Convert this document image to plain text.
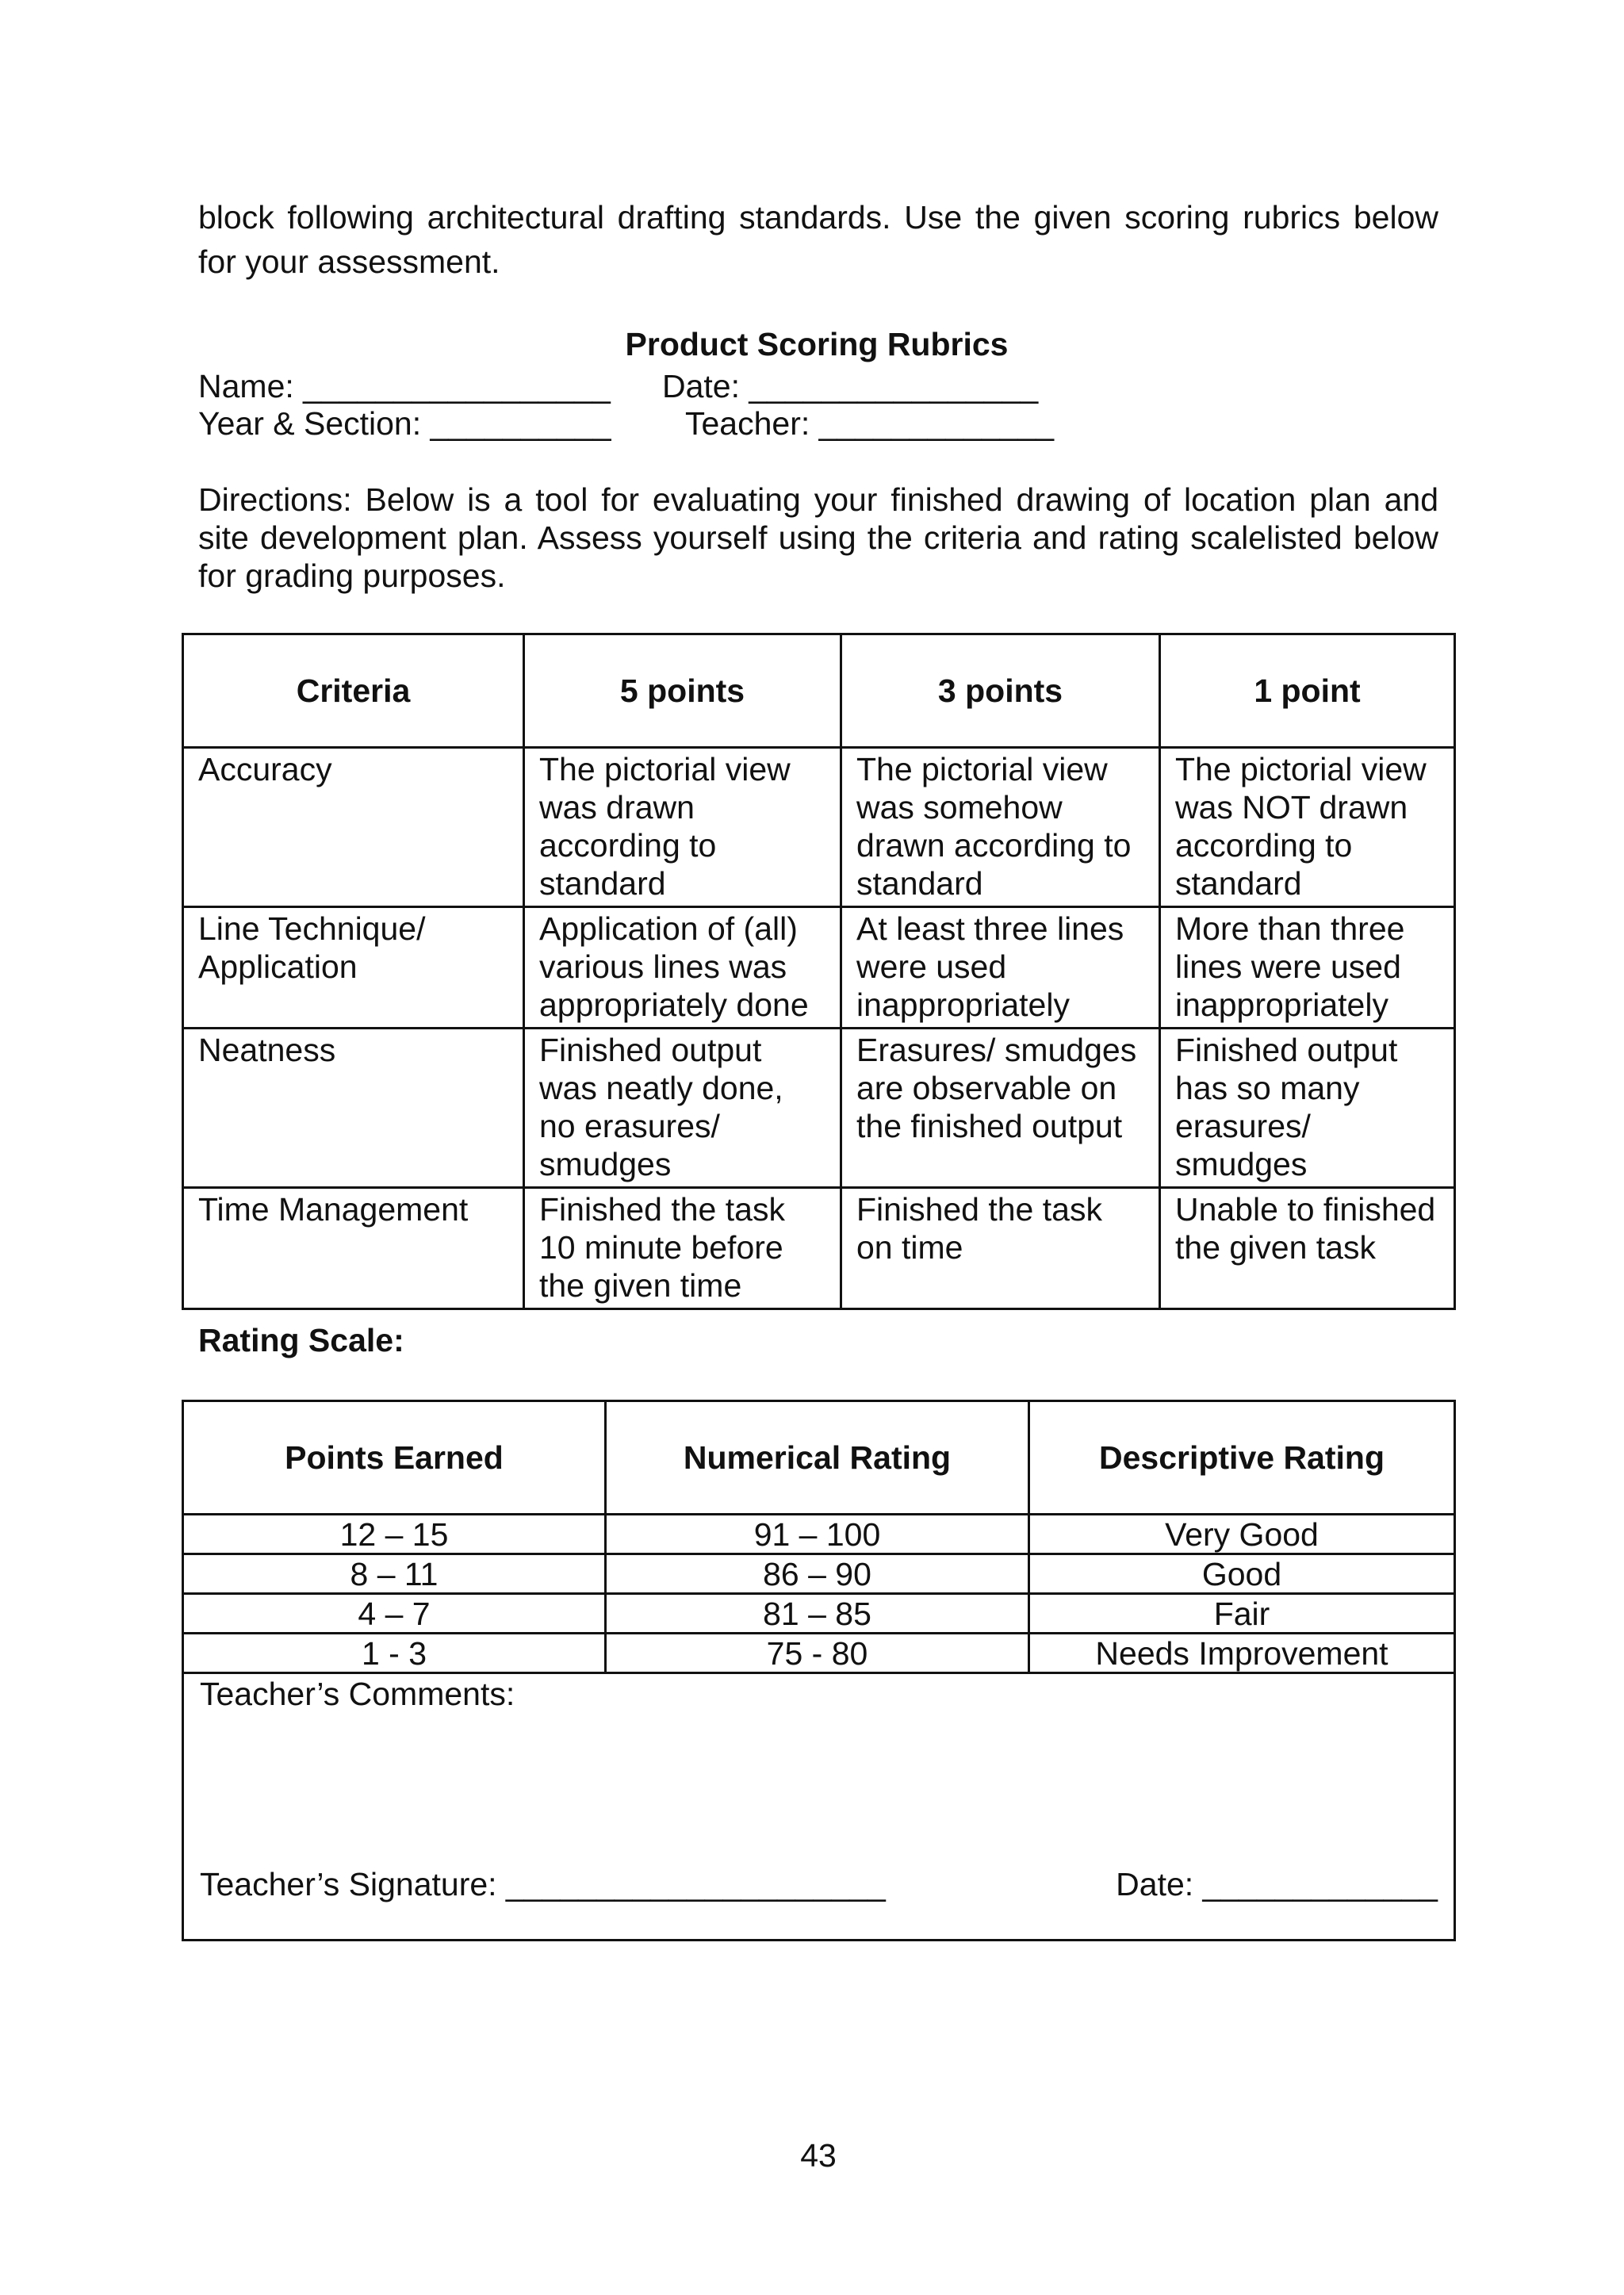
block following architectural drafting standards. Use the given scoring rubrics below
for your assessment.
Product Scoring Rubrics
Name: _________________ Date: ________________
Year & Section: __________ Teacher: _____________
Directions: Below is a tool for evaluating your finished drawing of location plan and site development plan. Assess yourself using the criteria and rating scalelisted below for grading purposes.
Criteria	5 points	3 points	1 point
Accuracy	The pictorial view was drawn according to standard	The pictorial view was somehow drawn according to standard	The pictorial view was NOT drawn according to standard
Line Technique/ Application	Application of (all) various lines was appropriately done	At least three lines were used inappropriately	More than three lines were used inappropriately
Neatness	Finished output was neatly done, no erasures/ smudges	Erasures/ smudges are observable on the finished output	Finished output has so many erasures/ smudges
Time Management	Finished the task 10 minute before the given time	Finished the task on time	Unable to finished the given task
Rating Scale:
Points Earned	Numerical Rating	Descriptive Rating
12 – 15	91 – 100	Very Good
8 – 11	86 – 90	Good
4 – 7	81 – 85	Fair
1 - 3	75 - 80	Needs Improvement

Teacher’s Comments:
Teacher’s Signature: _____________________ Date: _____________		
43
